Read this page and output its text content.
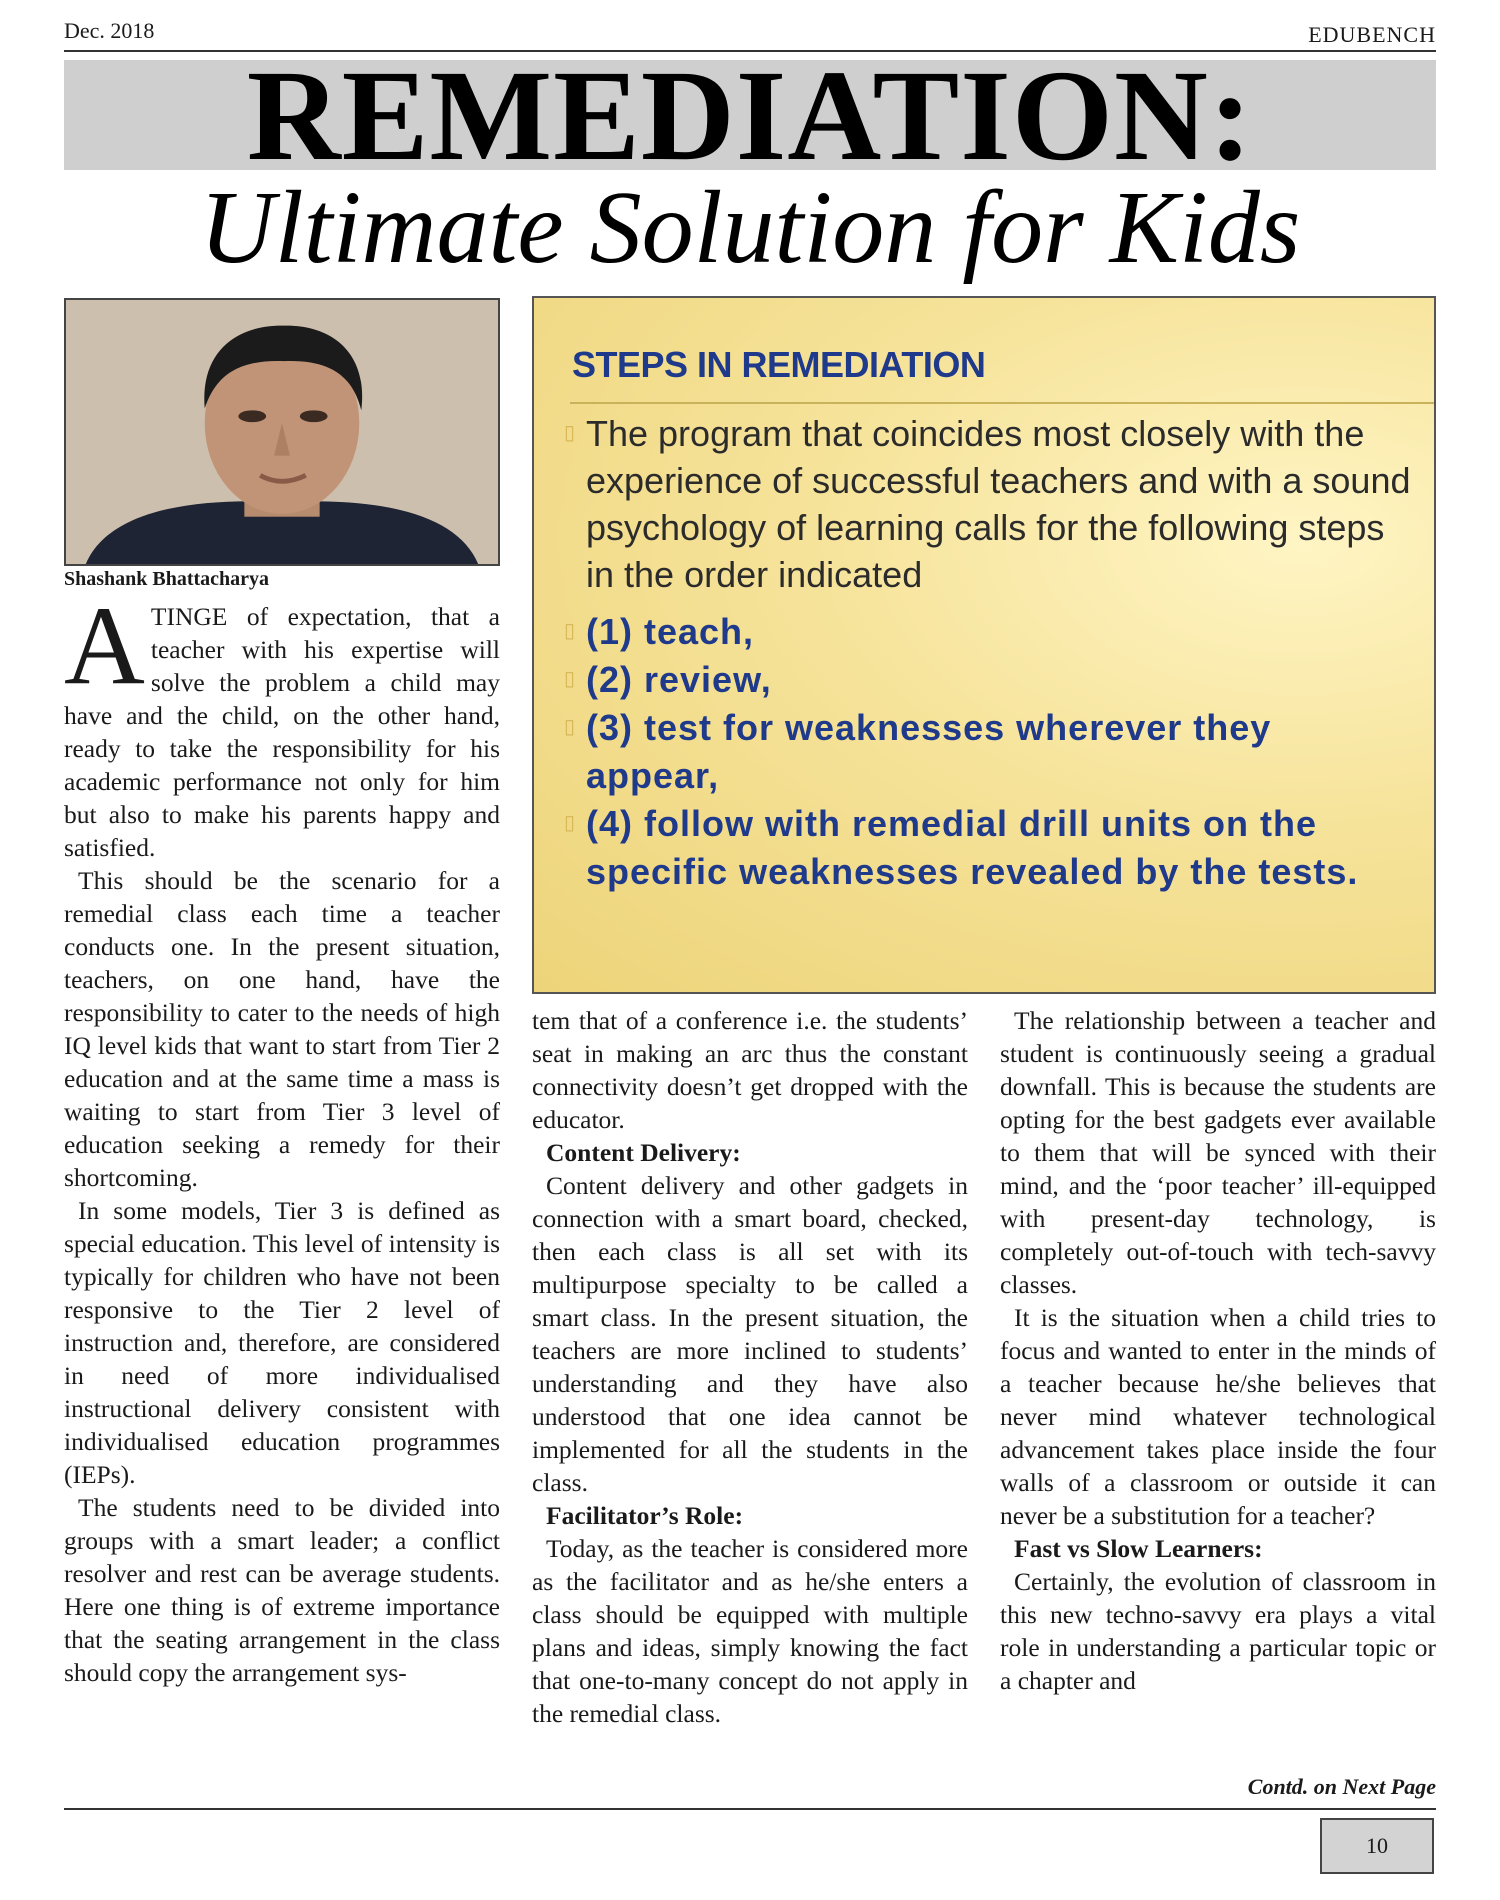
Dec. 2018	EDUBENCH
REMEDIATION:
Ultimate Solution for Kids
Shashank Bhattacharya

ATINGE of expectation, that a teacher with his expertise will solve the problem a child may have and the child, on the other hand, ready to take the responsibility for his academic performance not only for him but also to make his parents happy and satisfied.

This should be the scenario for a remedial class each time a teacher conducts one. In the present situation, teachers, on one hand, have the responsibility to cater to the needs of high IQ level kids that want to start from Tier 2 education and at the same time a mass is waiting to start from Tier 3 level of education seeking a remedy for their shortcoming.

In some models, Tier 3 is defined as special education. This level of intensity is typically for children who have not been responsive to the Tier 2 level of instruction and, therefore, are considered in need of more individualised instructional delivery consistent with individualised education programmes (IEPs).

The students need to be divided into groups with a smart leader; a conflict resolver and rest can be average students. Here one thing is of extreme importance that the seating arrangement in the class should copy the arrangement sys-

STEPS IN REMEDIATION
▯ The program that coincides most closely with the experience of successful teachers and with a sound psychology of learning calls for the following steps in the order indicated
▯ (1) teach,
▯ (2) review,
▯ (3) test for weaknesses wherever they appear,
▯ (4) follow with remedial drill units on the specific weaknesses revealed by the tests.

tem that of a conference i.e. the students’ seat in making an arc thus the constant connectivity doesn’t get dropped with the educator.

Content Delivery:

Content delivery and other gadgets in connection with a smart board, checked, then each class is all set with its multipurpose specialty to be called a smart class. In the present situation, the teachers are more inclined to students’ understanding and they have also understood that one idea cannot be implemented for all the students in the class.

Facilitator’s Role:

Today, as the teacher is considered more as the facilitator and as he/she enters a class should be equipped with multiple plans and ideas, simply knowing the fact that one-to-many concept do not apply in the remedial class.

The relationship between a teacher and student is continuously seeing a gradual downfall. This is because the students are opting for the best gadgets ever available to them that will be synced with their mind, and the ‘poor teacher’ ill-equipped with present-day technology, is completely out-of-touch with tech-savvy classes.

It is the situation when a child tries to focus and wanted to enter in the minds of a teacher because he/she believes that never mind whatever technological advancement takes place inside the four walls of a classroom or outside it can never be a substitution for a teacher?

Fast vs Slow Learners:

Certainly, the evolution of classroom in this new techno-savvy era plays a vital role in understanding a particular topic or a chapter and

Contd. on Next Page
10
